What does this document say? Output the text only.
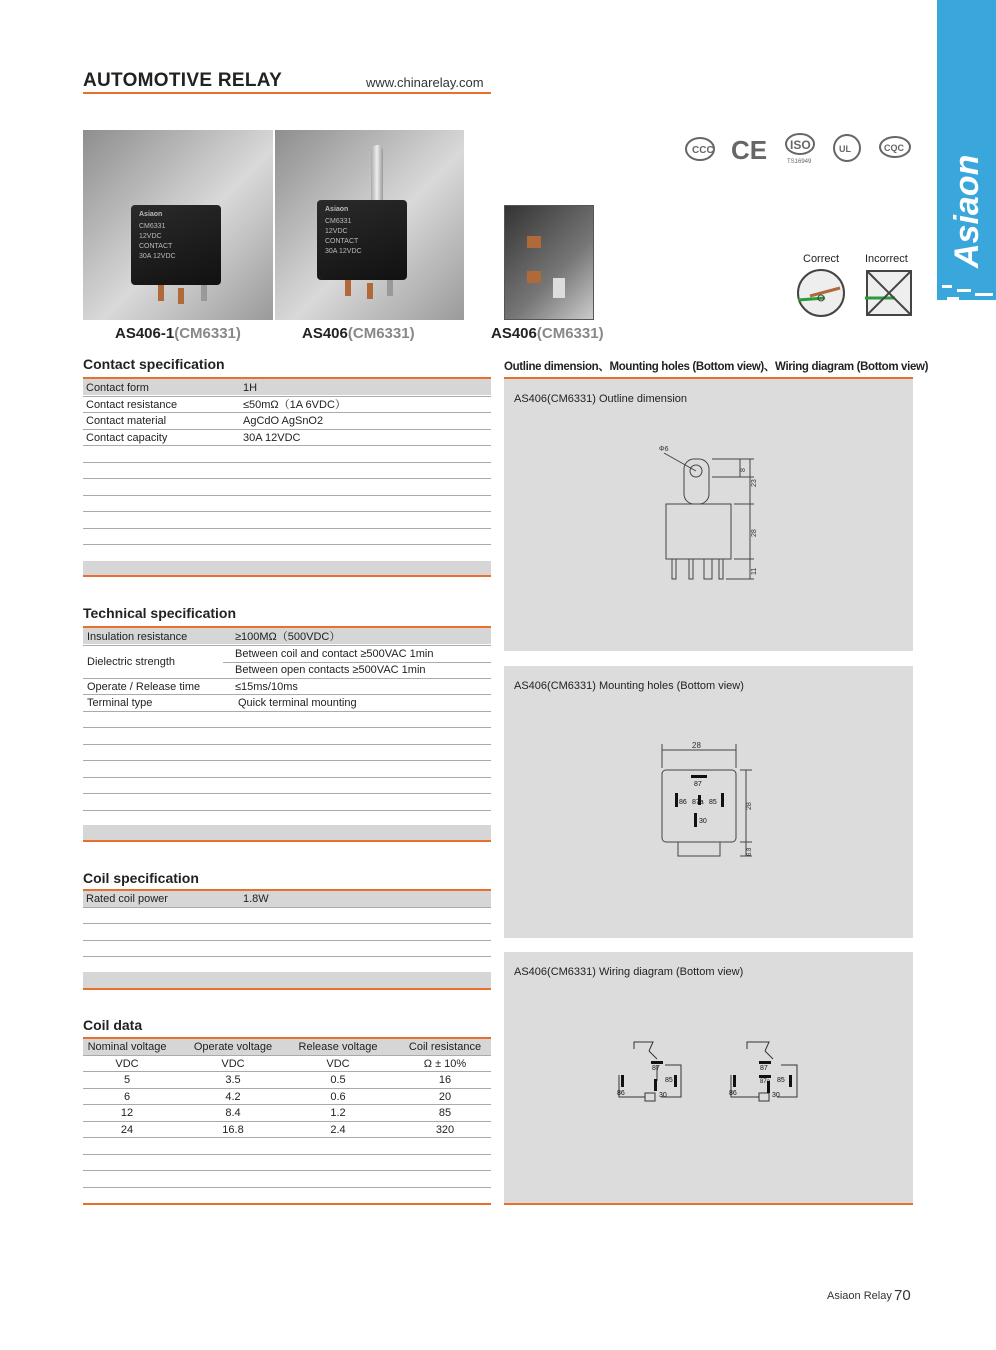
AUTOMOTIVE RELAY	www.chinarelay.com
Asiaon
CCC CE ISO
TS16949
UL	CQC
Asiaon
CM6331
12VDC
CONTACT
30A 12VDC
Asiaon
CM6331
12VDC
CONTACT
30A 12VDC
AS406-1(CM6331)	AS406(CM6331)	AS406(CM6331)
Correct Incorrect
Contact specification
Contact form	1H
Contact resistance	≤50mΩ（1A 6VDC）
Contact material	AgCdO AgSnO2
Contact capacity	30A 12VDC
Technical specification
Insulation resistance	≥100MΩ（500VDC）
Dielectric strength
Between coil and contact ≥500VAC 1min
Between open contacts ≥500VAC 1min
Operate / Release time	≤15ms/10ms
Terminal type	Quick terminal mounting
Coil specification
Rated coil power	1.8W
Coil data
Nominal voltage	Operate voltage	Release voltage	Coil resistance
VDC	VDC	VDC	Ω ± 10%
5	3.5	0.5	16
6	4.2	0.6	20
12	8.4	1.2	85
24	16.8	2.4	320
Outline dimension、Mounting holes (Bottom view)、Wiring diagram (Bottom view)
AS406(CM6331) Outline dimension
Φ6
8
23
28
11
AS406(CM6331) Mounting holes (Bottom view)
28
87
86 87a 85
30
28
6.8
AS406(CM6331) Wiring diagram (Bottom view)
87
86
85
30
87
87a
86
85
30
Asiaon Relay 70
